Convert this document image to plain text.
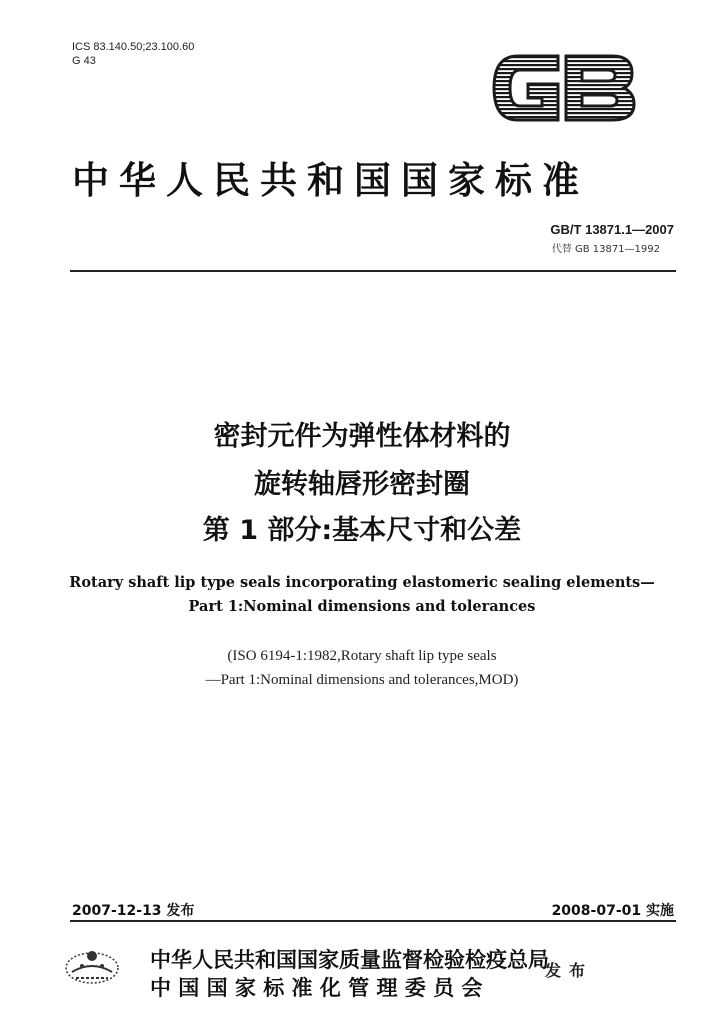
ICS 83.140.50;23.100.60
G 43
中华人民共和国国家标准
GB/T 13871.1—2007
代替 GB 13871—1992
密封元件为弹性体材料的
旋转轴唇形密封圈
第 1 部分:基本尺寸和公差
Rotary shaft lip type seals incorporating elastomeric sealing elements—
Part 1:Nominal dimensions and tolerances
(ISO 6194-1:1982,Rotary shaft lip type seals
—Part 1:Nominal dimensions and tolerances,MOD)
2007-12-13 发布	2008-07-01 实施
中华人民共和国国家质量监督检验检疫总局
中 国 国 家 标 准 化 管 理 委 员 会
发布
